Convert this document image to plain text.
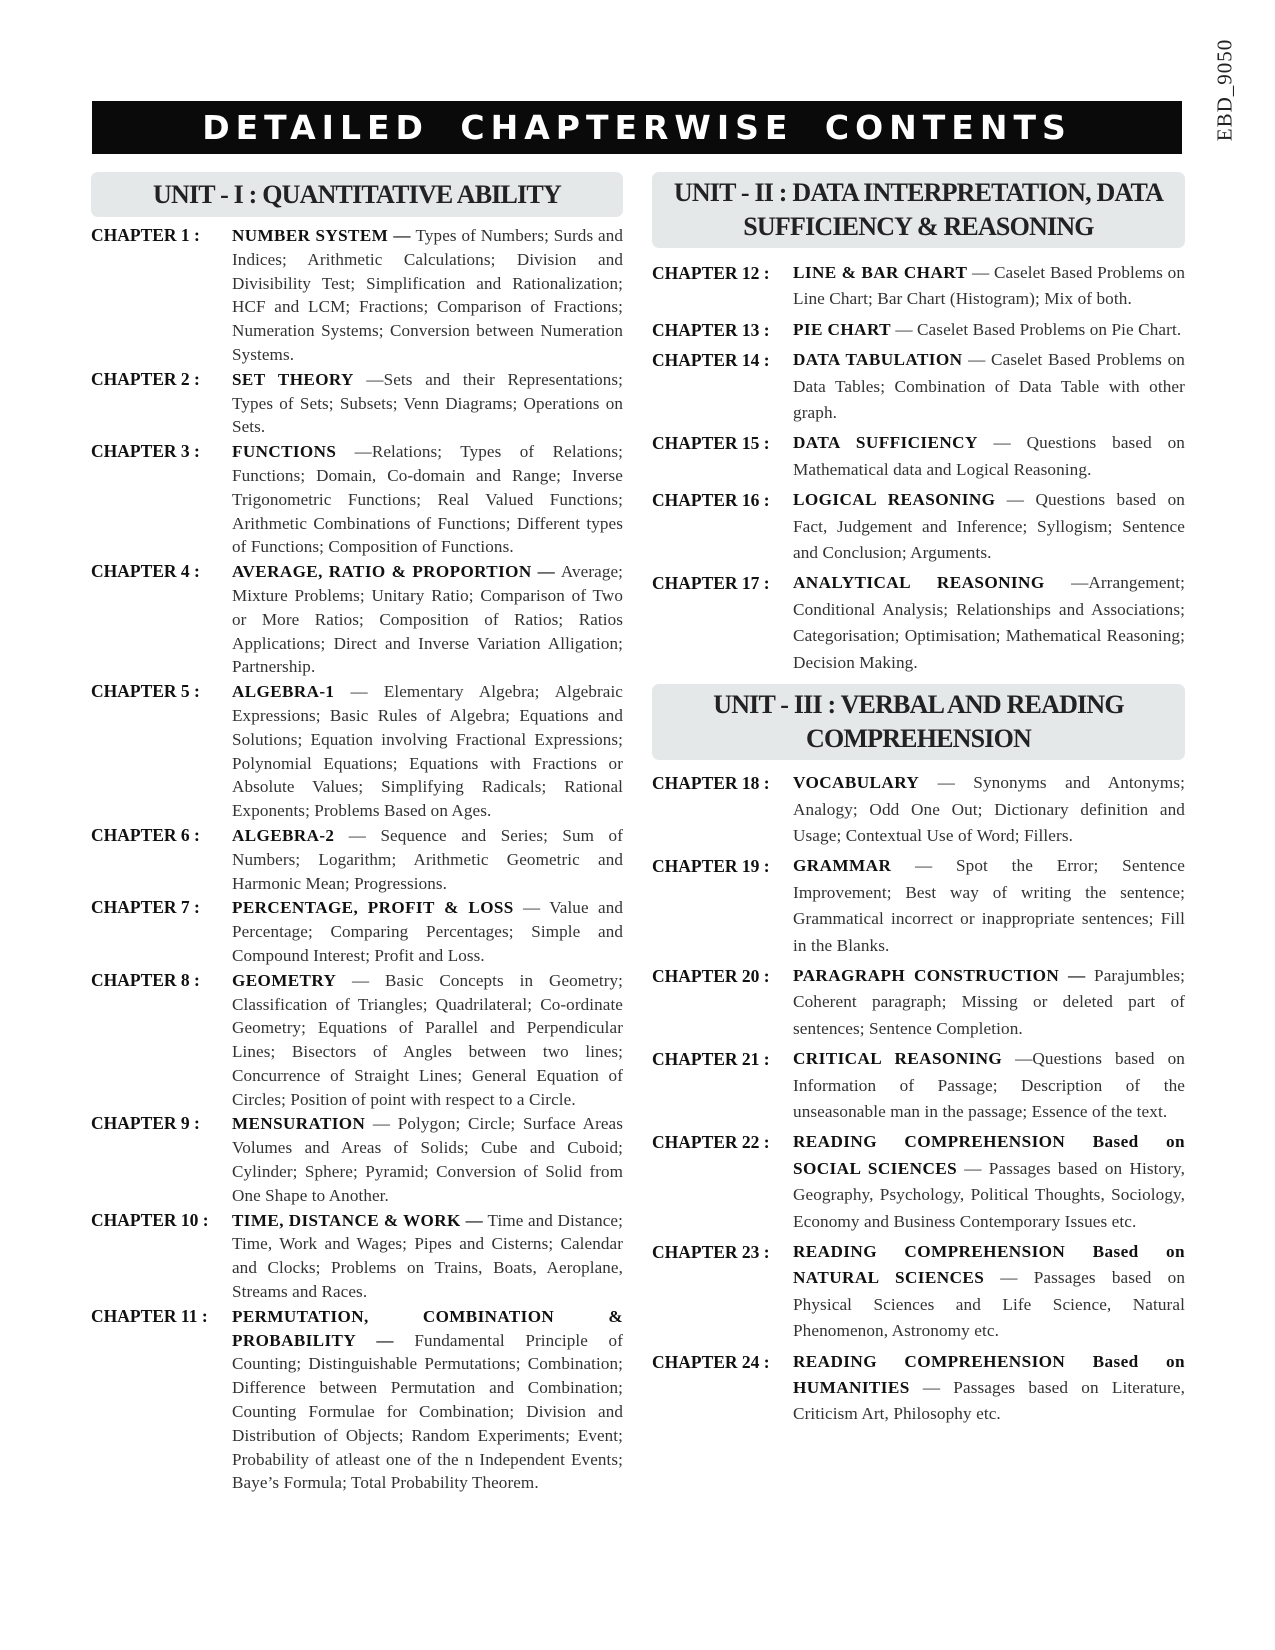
EBD_9050
DETAILED CHAPTERWISE CONTENTS
UNIT - I : QUANTITATIVE ABILITY
CHAPTER 1 :	NUMBER SYSTEM — Types of Numbers; Surds and Indices; Arithmetic Calculations; Division and Divisibility Test; Simplification and Rationalization; HCF and LCM; Fractions; Comparison of Fractions; Numeration Systems; Conversion between Numeration Systems.
CHAPTER 2 :	SET THEORY —Sets and their Representations; Types of Sets; Subsets; Venn Diagrams; Operations on Sets.
CHAPTER 3 :	FUNCTIONS —Relations; Types of Relations; Functions; Domain, Co-domain and Range; Inverse Trigonometric Functions; Real Valued Functions; Arithmetic Combinations of Functions; Different types of Functions; Composition of Functions.
CHAPTER 4 :	AVERAGE, RATIO & PROPORTION — Average; Mixture Problems; Unitary Ratio; Comparison of Two or More Ratios; Composition of Ratios; Ratios Applications; Direct and Inverse Variation Alligation; Partnership.
CHAPTER 5 :	ALGEBRA-1 — Elementary Algebra; Algebraic Expressions; Basic Rules of Algebra; Equations and Solutions; Equation involving Fractional Expressions; Polynomial Equations; Equations with Fractions or Absolute Values; Simplifying Radicals; Rational Exponents; Problems Based on Ages.
CHAPTER 6 :	ALGEBRA-2 — Sequence and Series; Sum of Numbers; Logarithm; Arithmetic Geometric and Harmonic Mean; Progressions.
CHAPTER 7 :	PERCENTAGE, PROFIT & LOSS — Value and Percentage; Comparing Percentages; Simple and Compound Interest; Profit and Loss.
CHAPTER 8 :	GEOMETRY — Basic Concepts in Geometry; Classification of Triangles; Quadrilateral; Co-ordinate Geometry; Equations of Parallel and Perpendicular Lines; Bisectors of Angles between two lines; Concurrence of Straight Lines; General Equation of Circles; Position of point with respect to a Circle.
CHAPTER 9 :	MENSURATION — Polygon; Circle; Surface Areas Volumes and Areas of Solids; Cube and Cuboid; Cylinder; Sphere; Pyramid; Conversion of Solid from One Shape to Another.
CHAPTER 10 :	TIME, DISTANCE & WORK — Time and Distance; Time, Work and Wages; Pipes and Cisterns; Calendar and Clocks; Problems on Trains, Boats, Aeroplane, Streams and Races.
CHAPTER 11 :	PERMUTATION, COMBINATION & PROBABILITY — Fundamental Principle of Counting; Distinguishable Permutations; Combination; Difference between Permutation and Combination; Counting Formulae for Combination; Division and Distribution of Objects; Random Experiments; Event; Probability of atleast one of the n Independent Events; Baye’s Formula; Total Probability Theorem.
UNIT - II : DATA INTERPRETATION, DATA SUFFICIENCY & REASONING
CHAPTER 12 :	LINE & BAR CHART — Caselet Based Problems on Line Chart; Bar Chart (Histogram); Mix of both.
CHAPTER 13 :	PIE CHART — Caselet Based Problems on Pie Chart.
CHAPTER 14 :	DATA TABULATION — Caselet Based Problems on Data Tables; Combination of Data Table with other graph.
CHAPTER 15 :	DATA SUFFICIENCY — Questions based on Mathematical data and Logical Reasoning.
CHAPTER 16 :	LOGICAL REASONING — Questions based on Fact, Judgement and Inference; Syllogism; Sentence and Conclusion; Arguments.
CHAPTER 17 :	ANALYTICAL REASONING —Arrangement; Conditional Analysis; Relationships and Associations; Categorisation; Optimisation; Mathematical Reasoning; Decision Making.
UNIT - III : VERBAL AND READING COMPREHENSION
CHAPTER 18 :	VOCABULARY — Synonyms and Antonyms; Analogy; Odd One Out; Dictionary definition and Usage; Contextual Use of Word; Fillers.
CHAPTER 19 :	GRAMMAR — Spot the Error; Sentence Improvement; Best way of writing the sentence; Grammatical incorrect or inappropriate sentences; Fill in the Blanks.
CHAPTER 20 :	PARAGRAPH CONSTRUCTION — Parajumbles; Coherent paragraph; Missing or deleted part of sentences; Sentence Completion.
CHAPTER 21 :	CRITICAL REASONING —Questions based on Information of Passage; Description of the unseasonable man in the passage; Essence of the text.
CHAPTER 22 :	READING COMPREHENSION Based on SOCIAL SCIENCES — Passages based on History, Geography, Psychology, Political Thoughts, Sociology, Economy and Business Contemporary Issues etc.
CHAPTER 23 :	READING COMPREHENSION Based on NATURAL SCIENCES — Passages based on Physical Sciences and Life Science, Natural Phenomenon, Astronomy etc.
CHAPTER 24 :	READING COMPREHENSION Based on HUMANITIES — Passages based on Literature, Criticism Art, Philosophy etc.
